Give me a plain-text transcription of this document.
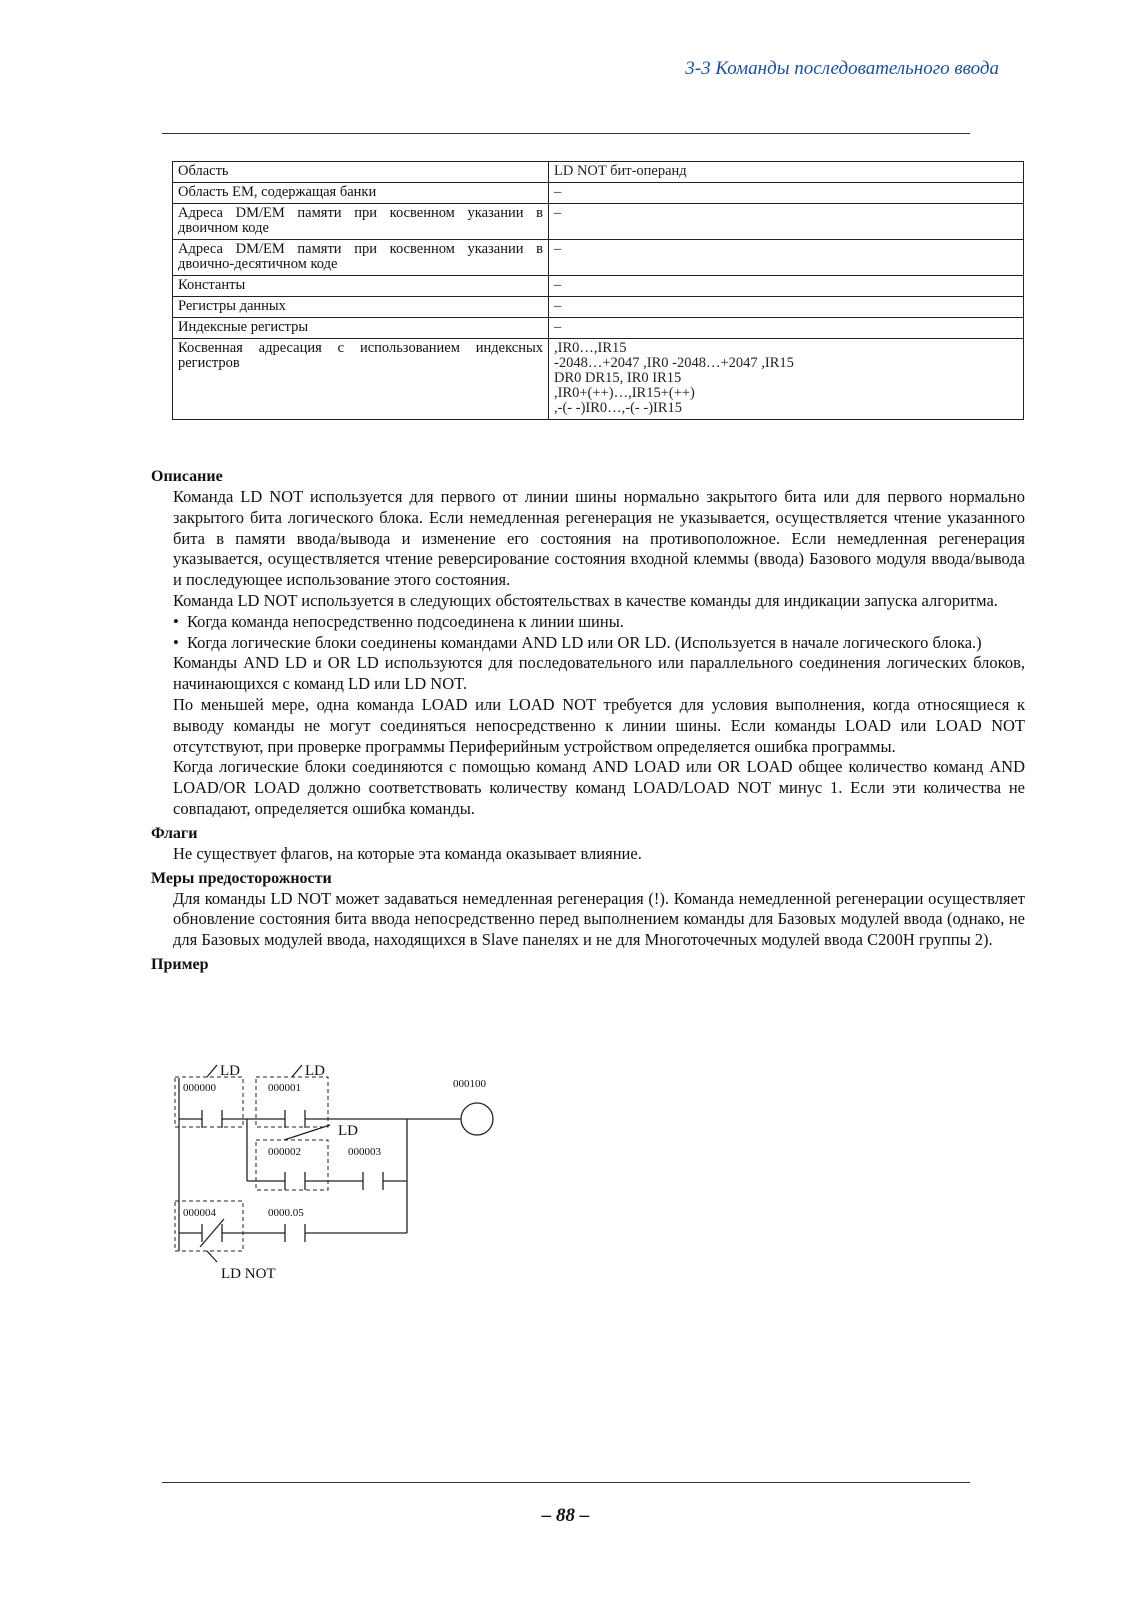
3-3 Команды последовательного ввода
Область	LD NOT бит-операнд
Область EM, содержащая банки	–
Адреса DM/EM памяти при косвенном указании в двоичном коде	–
Адреса DM/EM памяти при косвенном указании в двоично-десятичном коде	–
Константы	–
Регистры данных	–
Индексные регистры	–
Косвенная адресация с использованием индексных регистров	,IR0…,IR15
-2048…+2047 ,IR0 -2048…+2047 ,IR15
DR0 DR15, IR0 IR15
,IR0+(++)…,IR15+(++)
,-(- -)IR0…,-(- -)IR15
Описание

Команда LD NOT используется для первого от линии шины нормально закрытого бита или для первого нормально закрытого бита логического блока. Если немедленная регенерация не указывается, осуществляется чтение указанного бита в памяти ввода/вывода и изменение его состояния на противоположное. Если немедленная регенерация указывается, осуществляется чтение реверсирование состояния входной клеммы (ввода) Базового модуля ввода/вывода и последующее использование этого состояния.

Команда LD NOT используется в следующих обстоятельствах в качестве команды для индикации запуска алгоритма.

• Когда команда непосредственно подсоединена к линии шины.
• Когда логические блоки соединены командами AND LD или OR LD. (Используется в начале логического блока.)

Команды AND LD и OR LD используются для последовательного или параллельного соединения логических блоков, начинающихся с команд LD или LD NOT.

По меньшей мере, одна команда LOAD или LOAD NOT требуется для условия выполнения, когда относящиеся к выводу команды не могут соединяться непосредственно к линии шины. Если команды LOAD или LOAD NOT отсутствуют, при проверке программы Периферийным устройством определяется ошибка программы.

Когда логические блоки соединяются с помощью команд AND LOAD или OR LOAD общее количество команд AND LOAD/OR LOAD должно соответствовать количеству команд LOAD/LOAD NOT минус 1. Если эти количества не совпадают, определяется ошибка команды.

Флаги

Не существует флагов, на которые эта команда оказывает влияние.

Меры предосторожности

Для команды LD NOT может задаваться немедленная регенерация (!). Команда немедленной регенерации осуществляет обновление состояния бита ввода непосредственно перед выполнением команды для Базовых модулей ввода (однако, не для Базовых модулей ввода, находящихся в Slave панелях и не для Многоточечных модулей ввода C200H группы 2).

Пример
LD	LD
LD
LD NOT
000000	000001
000002	000003
000004	0000.05
000100
– 88 –
